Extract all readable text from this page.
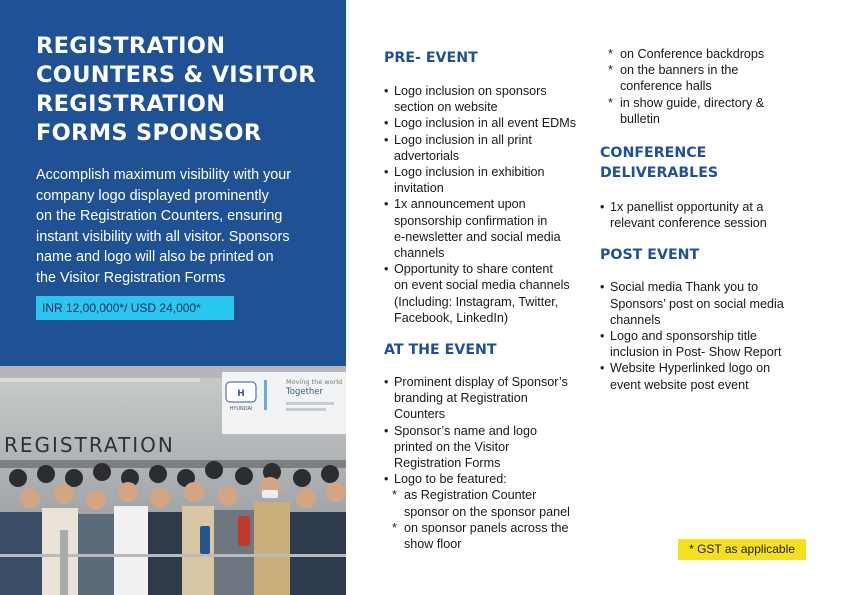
REGISTRATION
COUNTERS & VISITOR
REGISTRATION
FORMS SPONSOR
Accomplish maximum visibility with your
company logo displayed prominently
on the Registration Counters, ensuring
instant visibility with all visitor. Sponsors
name and logo will also be printed on
the Visitor Registration Forms
INR 12,00,000*/ USD 24,000*
H
HYUNDAI
Moving the world
Together
REGISTRATION
PRE- EVENT
• Logo inclusion on sponsors
section on website
• Logo inclusion in all event EDMs
• Logo inclusion in all print
advertorials
• Logo inclusion in exhibition
invitation
• 1x announcement upon
sponsorship confirmation in
e-newsletter and social media
channels
• Opportunity to share content
on event social media channels
(Including: Instagram, Twitter,
Facebook, LinkedIn)
AT THE EVENT
• Prominent display of Sponsor’s
branding at Registration
Counters
• Sponsor’s name and logo
printed on the Visitor
Registration Forms
• Logo to be featured:
* as Registration Counter
sponsor on the sponsor panel
* on sponsor panels across the
show floor
* on Conference backdrops
* on the banners in the
conference halls
* in show guide, directory &
bulletin
CONFERENCE
DELIVERABLES
• 1x panellist opportunity at a
relevant conference session
POST EVENT
• Social media Thank you to
Sponsors’ post on social media
channels
• Logo and sponsorship title
inclusion in Post- Show Report
• Website Hyperlinked logo on
event website post event
* GST as applicable
